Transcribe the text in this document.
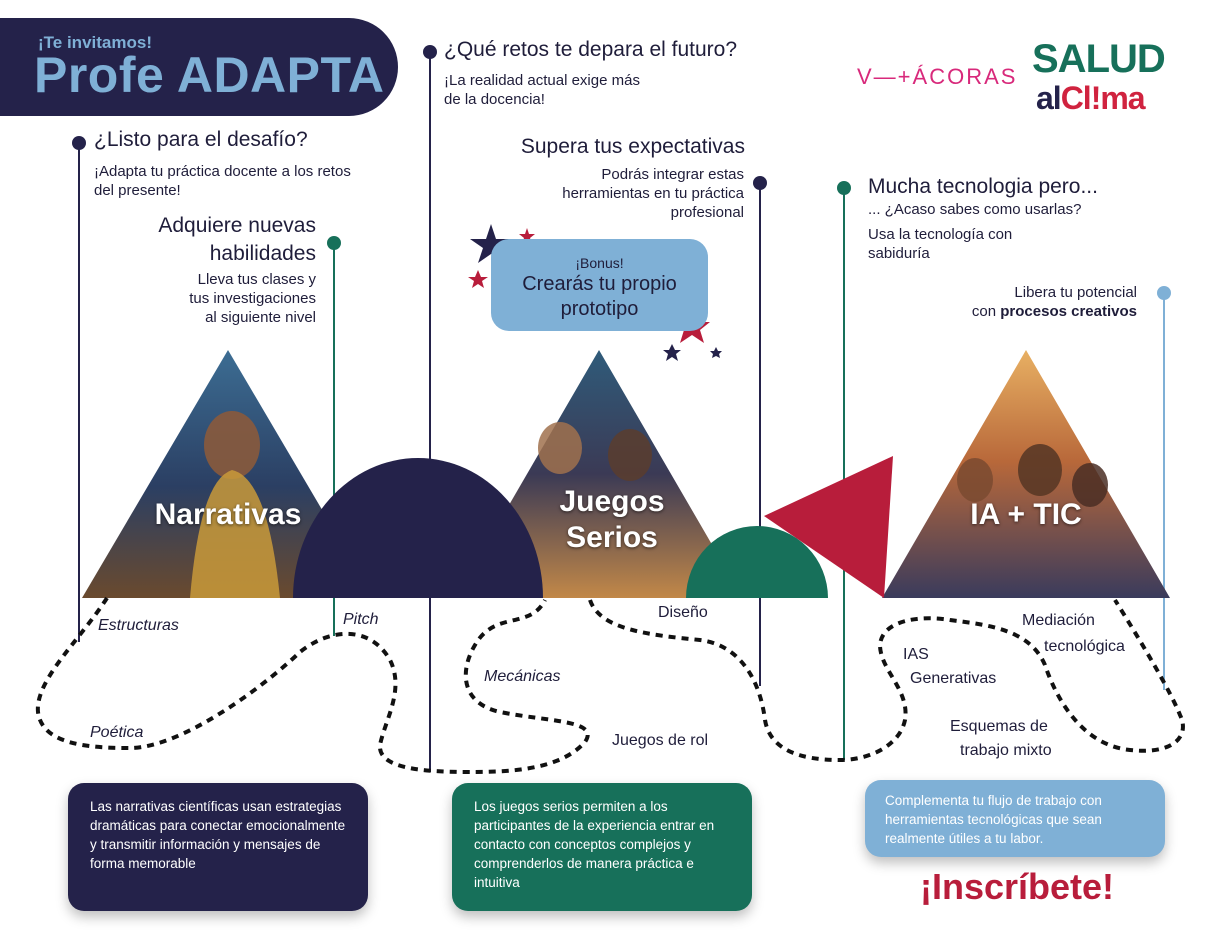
¡Te invitamos!
Profe ADAPTA	V—+ÁCORAS SALUD
alCl!ma
¿Listo para el desafío?
¡Adapta tu práctica docente a los retos del presente!
Adquiere nuevas
habilidades
Lleva tus clases y
tus investigaciones
al siguiente nivel
¿Qué retos te depara el futuro?
¡La realidad actual exige más
de la docencia!
Supera tus expectativas
Podrás integrar estas
herramientas en tu práctica
profesional
Mucha tecnologia pero...
... ¿Acaso sabes como usarlas?
Usa la tecnología con
sabiduría
Libera tu potencial
con procesos creativos
¡Bonus!
Crearás tu propio
prototipo
Narrativas	Juegos
Serios
IA + TIC
Estructuras	Pitch
Poética
Diseño
Mecánicas
Juegos de rol
Mediación
tecnológica
IAS
Generativas
Esquemas de
trabajo mixto
Las narrativas científicas usan estrategias dramáticas para conectar emocionalmente y transmitir información y mensajes de forma memorable
Los juegos serios permiten a los participantes de la experiencia entrar en contacto con conceptos complejos y comprenderlos de manera práctica e intuitiva
Complementa tu flujo de trabajo con herramientas tecnológicas que sean realmente útiles a tu labor.
¡Inscríbete!
